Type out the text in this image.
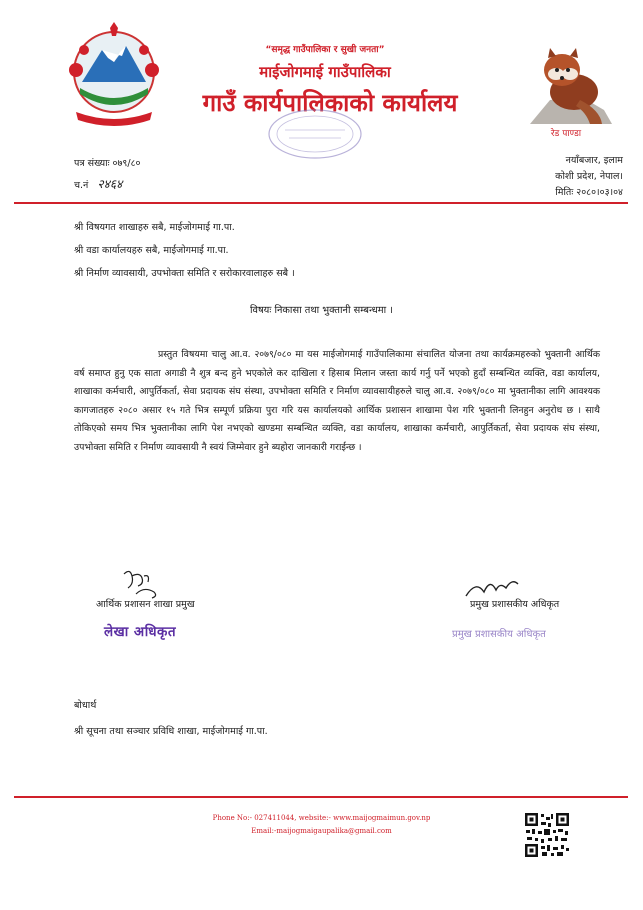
“समृद्ध गाउँपालिका र सुखी जनता”
माईजोगमाई गाउँपालिका
गाउँ कार्यपालिकाको कार्यालय
रेड पाण्डा
पत्र संख्याः ०७९/८०
च.नं २४६४
नयाँबजार, इलाम
कोशी प्रदेश, नेपाल।
मितिः २०८०।०३।०४
श्री विषयगत शाखाहरु सबै, माईजोगमाई गा.पा.
श्री वडा कार्यालयहरु सबै, माईजोगमाई गा.पा.
श्री निर्माण व्यावसायी, उपभोक्ता समिति र सरोकारवालाहरु सबै ।
विषयः निकासा तथा भुक्तानी सम्बन्धमा ।
प्रस्तुत विषयमा चालु आ.व. २०७९/०८० मा यस माईजोगमाई गाउँपालिकामा संचालित योजना तथा कार्यक्रमहरुको भुक्तानी आर्थिक वर्ष समाप्त हुनु एक साता अगाडी नै शुत्र बन्द हुने भएकोले कर दाखिला र हिसाब मिलान जस्ता कार्य गर्नु पर्ने भएको हुदाँ सम्बन्धित व्यक्ति, वडा कार्यालय, शाखाका कर्मचारी, आपुर्तिकर्ता, सेवा प्रदायक संघ संस्था, उपभोक्ता समिति र निर्माण व्यावसायीहरुले चालु आ.व. २०७९/०८० मा भुक्तानीका लागि आवश्यक कागजातहरु २०८० असार १५ गते भित्र सम्पूर्ण प्रक्रिया पुरा गरि यस कार्यालयको आर्थिक प्रशासन शाखामा पेश गरि भुक्तानी लिनहुन अनुरोध छ । साथै तोकिएको समय भित्र भुक्तानीका लागि पेश नभएको खण्डमा सम्बन्धित व्यक्ति, वडा कार्यालय, शाखाका कर्मचारी, आपुर्तिकर्ता, सेवा प्रदायक संघ संस्था, उपभोक्ता समिति र निर्माण व्यावसायी नै स्वयं जिम्मेवार हुने ब्यहोरा जानकारी गराईन्छ ।
आर्थिक प्रशासन शाखा प्रमुख
लेखा अधिकृत
प्रमुख प्रशासकीय अधिकृत
प्रमुख प्रशासकीय अधिकृत
बोधार्थ
श्री सूचना तथा सञ्चार प्रविधि शाखा, माईजोगमाई गा.पा.
Phone No:- 027411044, website:- www.maijogmaimun.gov.np
Email:-maijogmaigaupalika@gmail.com
